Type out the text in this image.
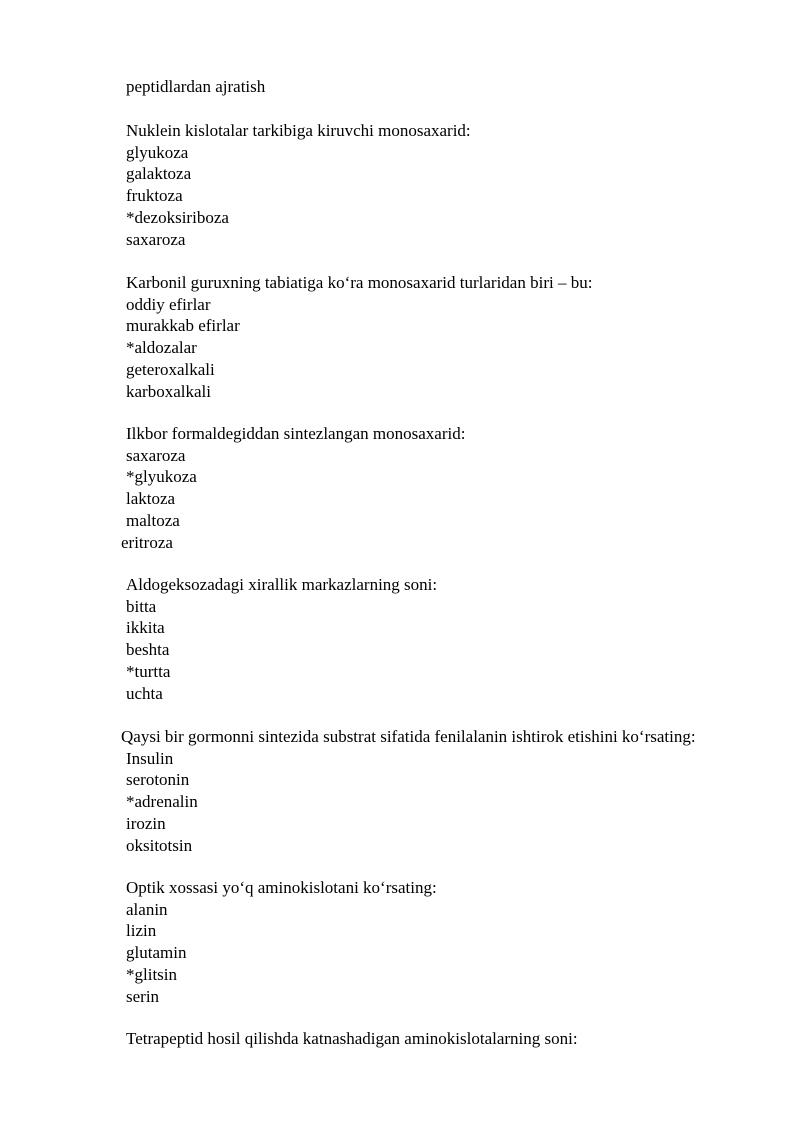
peptidlardan ajratish
Nuklein kislotalar tarkibiga kiruvchi monosaxarid:
glyukoza
galaktoza
fruktoza
*dezoksiriboza
saxaroza
Karbonil guruxning tabiatiga ko‘ra monosaxarid turlaridan biri – bu:
oddiy efirlar
murakkab efirlar
*aldozalar
geteroxalkali
karboxalkali
Ilkbor formaldegiddan sintezlangan monosaxarid:
saxaroza
*glyukoza
laktoza
maltoza
eritroza
Aldogeksozadagi xirallik markazlarning soni:
bitta
ikkita
beshta
*turtta
uchta
Qaysi bir gormonni sintezida substrat sifatida fenilalanin ishtirok etishini ko‘rsating:
Insulin
serotonin
*adrenalin
irozin
oksitotsin
Optik xossasi yo‘q aminokislotani ko‘rsating:
alanin
lizin
glutamin
*glitsin
serin
Tetrapeptid hosil qilishda katnashadigan aminokislotalarning soni:
